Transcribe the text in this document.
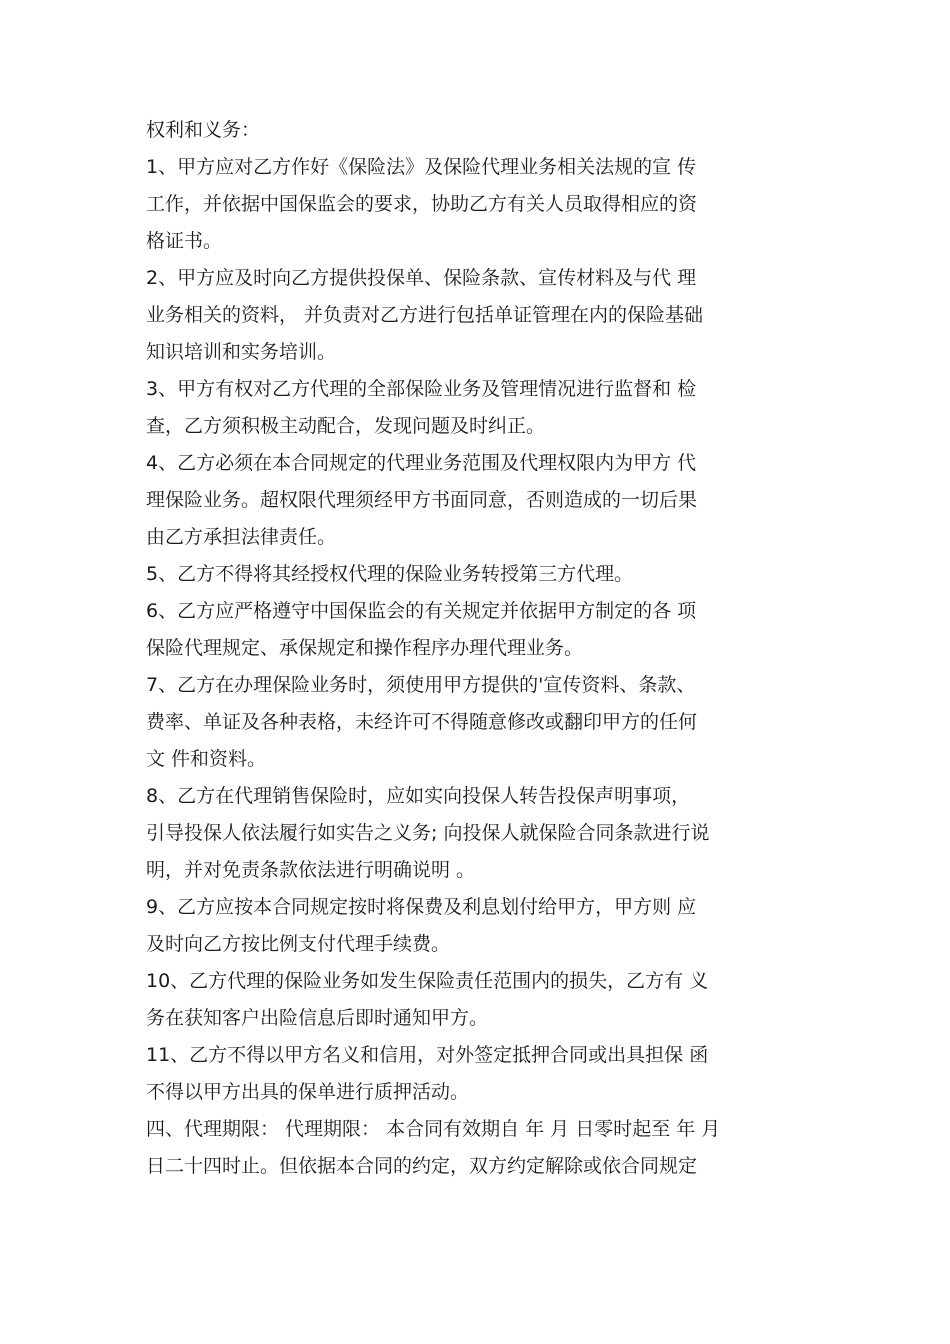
权利和义务：
1、甲方应对乙方作好《保险法》及保险代理业务相关法规的宣 传
工作，并依据中国保监会的要求，协助乙方有关人员取得相应的资
格证书。
2、甲方应及时向乙方提供投保单、保险条款、宣传材料及与代 理
业务相关的资料， 并负责对乙方进行包括单证管理在内的保险基础
知识培训和实务培训。
3、甲方有权对乙方代理的全部保险业务及管理情况进行监督和 检
查，乙方须积极主动配合，发现问题及时纠正。
4、乙方必须在本合同规定的代理业务范围及代理权限内为甲方 代
理保险业务。超权限代理须经甲方书面同意，否则造成的一切后果
由乙方承担法律责任。
5、乙方不得将其经授权代理的保险业务转授第三方代理。
6、乙方应严格遵守中国保监会的有关规定并依据甲方制定的各 项
保险代理规定、承保规定和操作程序办理代理业务。
7、乙方在办理保险业务时，须使用甲方提供的'宣传资料、条款、
费率、单证及各种表格，未经许可不得随意修改或翻印甲方的任何
文 件和资料。
8、乙方在代理销售保险时，应如实向投保人转告投保声明事项，
引导投保人依法履行如实告之义务; 向投保人就保险合同条款进行说
明，并对免责条款依法进行明确说明 。
9、乙方应按本合同规定按时将保费及利息划付给甲方，甲方则 应
及时向乙方按比例支付代理手续费。
10、乙方代理的保险业务如发生保险责任范围内的损失，乙方有 义
务在获知客户出险信息后即时通知甲方。
11、乙方不得以甲方名义和信用，对外签定抵押合同或出具担保 函
不得以甲方出具的保单进行质押活动。
四、代理期限： 代理期限： 本合同有效期自 年 月 日零时起至 年 月
日二十四时止。但依据本合同的约定，双方约定解除或依合同规定
